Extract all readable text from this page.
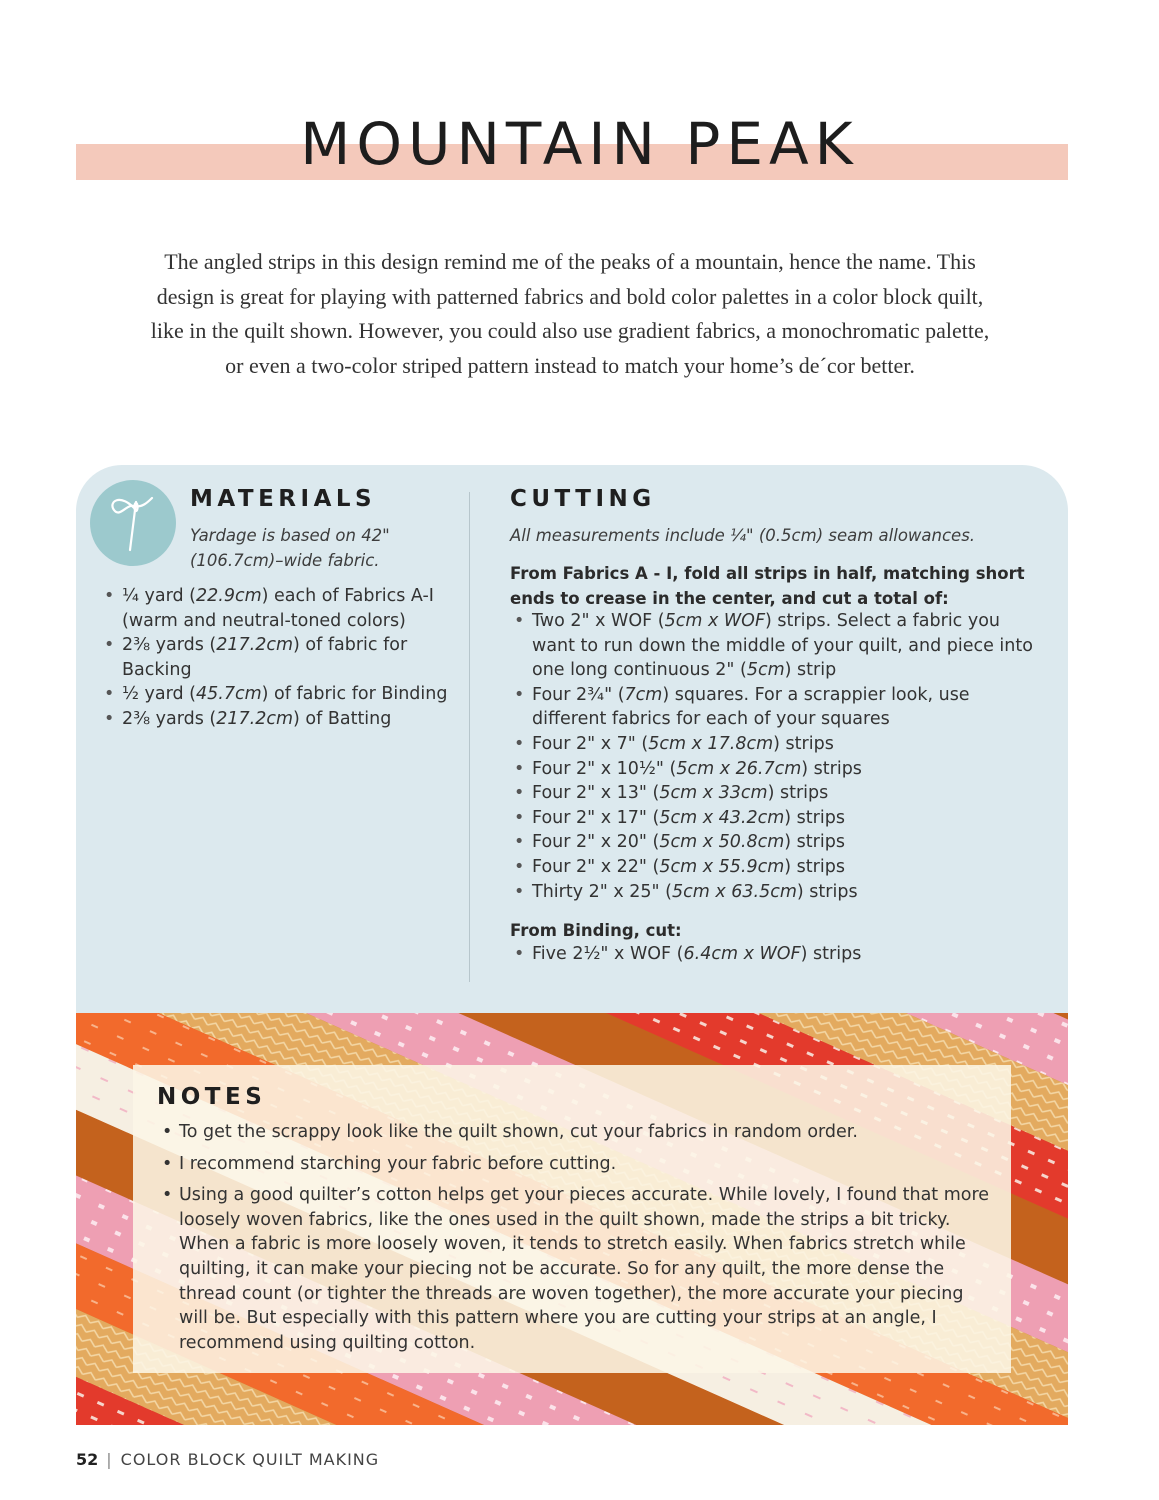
MOUNTAIN PEAK

The angled strips in this design remind me of the peaks of a mountain, hence the name. This design is great for playing with patterned fabrics and bold color palettes in a color block quilt, like in the quilt shown. However, you could also use gradient fabrics, a monochromatic palette, or even a two-color striped pattern instead to match your home’s de´cor better.

MATERIALS
Yardage is based on 42"
(106.7cm)–wide fabric.
• ¼ yard (22.9cm) each of Fabrics A-I (warm and neutral-toned colors)
• 2⅜ yards (217.2cm) of fabric for Backing
• ½ yard (45.7cm) of fabric for Binding
• 2⅜ yards (217.2cm) of Batting
CUTTING
All measurements include ¼" (0.5cm) seam allowances.
From Fabrics A - I, fold all strips in half, matching short ends to crease in the center, and cut a total of:
• Two 2" x WOF (5cm x WOF) strips. Select a fabric you want to run down the middle of your quilt, and piece into one long continuous 2" (5cm) strip
• Four 2¾" (7cm) squares. For a scrappier look, use different fabrics for each of your squares
• Four 2" x 7" (5cm x 17.8cm) strips
• Four 2" x 10½" (5cm x 26.7cm) strips
• Four 2" x 13" (5cm x 33cm) strips
• Four 2" x 17" (5cm x 43.2cm) strips
• Four 2" x 20" (5cm x 50.8cm) strips
• Four 2" x 22" (5cm x 55.9cm) strips
• Thirty 2" x 25" (5cm x 63.5cm) strips
From Binding, cut:
• Five 2½" x WOF (6.4cm x WOF) strips
NOTES
• To get the scrappy look like the quilt shown, cut your fabrics in random order.
• I recommend starching your fabric before cutting.
• Using a good quilter’s cotton helps get your pieces accurate. While lovely, I found that more loosely woven fabrics, like the ones used in the quilt shown, made the strips a bit tricky. When a fabric is more loosely woven, it tends to stretch easily. When fabrics stretch while quilting, it can make your piecing not be accurate. So for any quilt, the more dense the thread count (or tighter the threads are woven together), the more accurate your piecing will be. But especially with this pattern where you are cutting your strips at an angle, I recommend using quilting cotton.
52 | COLOR BLOCK QUILT MAKING
